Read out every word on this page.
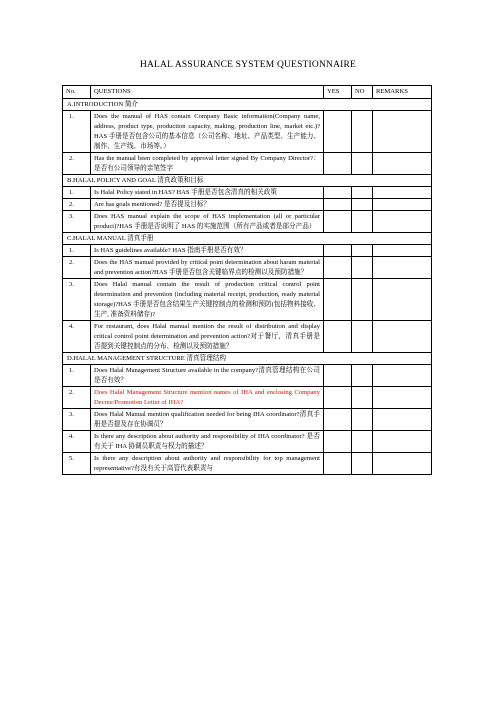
HALAL ASSURANCE SYSTEM QUESTIONNAIRE
No.	QUESTIONS	YES	NO	REMARKS
A.INTRODUCTION 简介				
1.	Does the manual of HAS contain Company Basic information(Company name, address, product type, production capacity, making, production line, market etc.)?HAS 手册是否包含公司的基本信息（公司名称、地址、产品类型、生产能力、制作、生产线、市场等。）			
2.	Has the manual been completed by approval letter signed By Company Director?：是否有公司领导的亲笔签字			
B.HALAL POLICY AND GOAL 清真政策和目标				
1.	Is Halal Policy stated in HAS? HAS 手册是否包含清真的相关政策			
2.	Are has goals mentioned? 是否提及目标？			
3.	Does HAS manual explain the scope of HAS implementation (all or particular product)?HAS 手册是否说明了 HAS 的实施范围（所有产品或者是部分产品）			
C.HALAL MANUAL 清真手册				
1.	Is HAS guidelines available? HAS 指南手册是否有效？			
2.	Does the HAS manual provided by critical point determination about haram material and prevention action?HAS 手册是否包含关键临界点的检测以及预防措施？			
3.	Does Halal manual contain the result of production critical control point determination and prevention (including material receipt, production, ready material storage)?HAS 手册是否包含结果生产关键控制点的检测和预防(包括物料接收、生产, 准备资料储存)?			
4.	For restaurant, does Halal manual mention the result of distribution and display critical control point determination and prevention action?对于餐厅，清真手册是否提到关键控制点的分布、检测以及预防措施？			
D.HALAL MANAGEMENT STRUCTURE 清真管理结构				
1.	Does Halal Management Structure available in the company?清真管理结构在公司是否有效？			
2.	Does Halal Management Structure mention names of IHA and enclosing Company Decree/Promotion Letter of IHA?			
3.	Does Halal Manual mention qualification needed for being IHA coordinator?清真手册是否提及存在协调员？			
4.	Is there any description about authority and responsibility of IHA coordinator? 是否有关于 IHA 协调员职责与权力的描述？			
5.	Is there any description about authority and responsibility for top management representative?有没有关于高管代表职责与			
